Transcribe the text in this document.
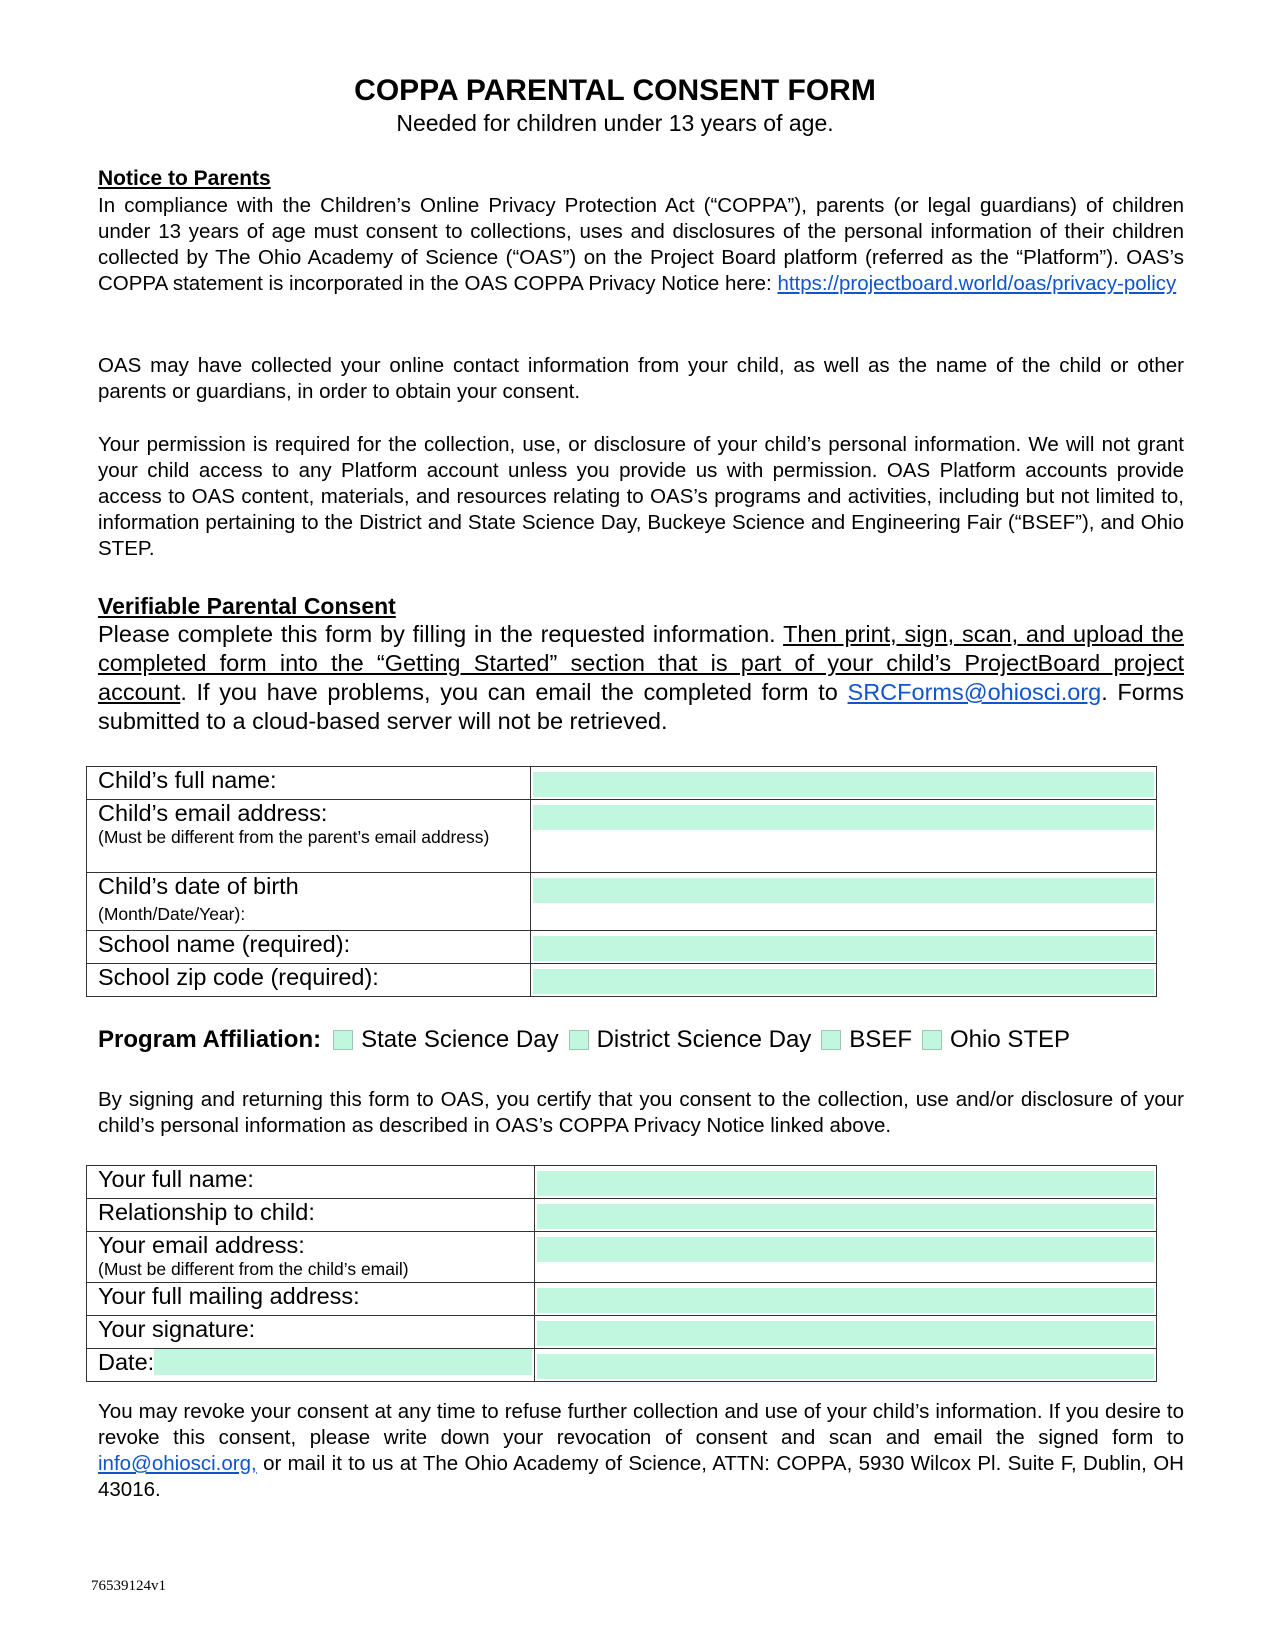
COPPA PARENTAL CONSENT FORM
Needed for children under 13 years of age.
Notice to Parents
In compliance with the Children’s Online Privacy Protection Act (“COPPA”), parents (or legal guardians) of children under 13 years of age must consent to collections, uses and disclosures of the personal information of their children collected by The Ohio Academy of Science (“OAS”) on the Project Board platform (referred as the “Platform”). OAS’s COPPA statement is incorporated in the OAS COPPA Privacy Notice here: https://projectboard.world/oas/privacy-policy
OAS may have collected your online contact information from your child, as well as the name of the child or other parents or guardians, in order to obtain your consent.
Your permission is required for the collection, use, or disclosure of your child’s personal information. We will not grant your child access to any Platform account unless you provide us with permission. OAS Platform accounts provide access to OAS content, materials, and resources relating to OAS’s programs and activities, including but not limited to, information pertaining to the District and State Science Day, Buckeye Science and Engineering Fair (“BSEF”), and Ohio STEP.
Verifiable Parental Consent
Please complete this form by filling in the requested information. Then print, sign, scan, and upload the completed form into the “Getting Started” section that is part of your child’s ProjectBoard project account. If you have problems, you can email the completed form to SRCForms@ohiosci.org. Forms submitted to a cloud-based server will not be retrieved.
Child’s full name:	
Child’s email address:
(Must be different from the parent’s email address)

Child’s date of birth
(Month/Date/Year):

School name (required):	
School zip code (required):	
Program Affiliation: State Science Day District Science Day BSEF Ohio STEP
By signing and returning this form to OAS, you certify that you consent to the collection, use and/or disclosure of your child’s personal information as described in OAS’s COPPA Privacy Notice linked above.
Your full name:	
Relationship to child:	
Your email address:
(Must be different from the child’s email)

Your full mailing address:	
Your signature:	
Date:	
You may revoke your consent at any time to refuse further collection and use of your child’s information. If you desire to revoke this consent, please write down your revocation of consent and scan and email the signed form to info@ohiosci.org, or mail it to us at The Ohio Academy of Science, ATTN: COPPA, 5930 Wilcox Pl. Suite F, Dublin, OH 43016.
76539124v1
